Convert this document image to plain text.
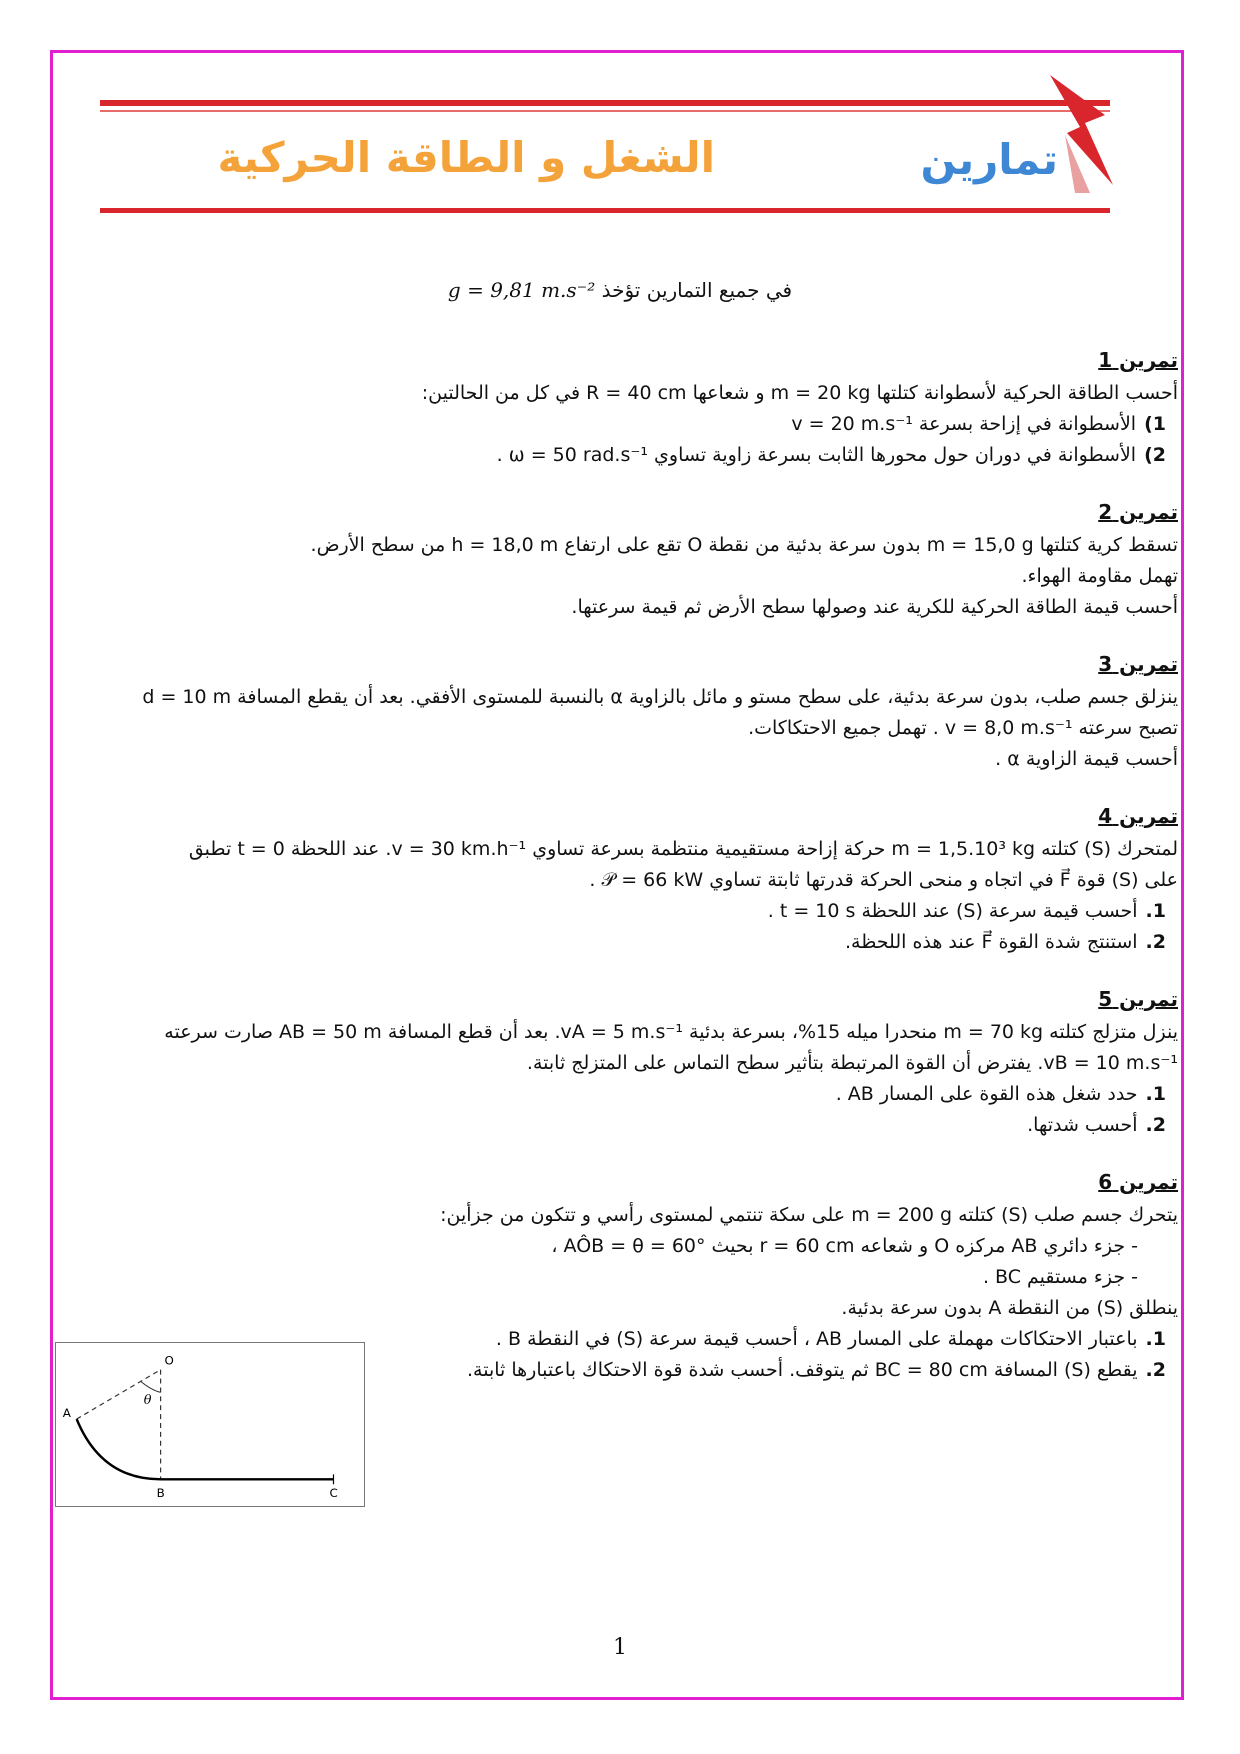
تمارين
الشغل و الطاقة الحركية
في جميع التمارين تؤخذ g = 9,81 m.s⁻²
تمرين 1

أحسب الطاقة الحركية لأسطوانة كتلتها m = 20 kg و شعاعها R = 40 cm في كل من الحالتين:

1)الأسطوانة في إزاحة بسرعة v = 20 m.s⁻¹
2)الأسطوانة في دوران حول محورها الثابت بسرعة زاوية تساوي ω = 50 rad.s⁻¹ .
تمرين 2

تسقط كرية كتلتها m = 15,0 g بدون سرعة بدئية من نقطة O تقع على ارتفاع h = 18,0 m من سطح الأرض.

تهمل مقاومة الهواء.

أحسب قيمة الطاقة الحركية للكرية عند وصولها سطح الأرض ثم قيمة سرعتها.

تمرين 3

ينزلق جسم صلب، بدون سرعة بدئية، على سطح مستو و مائل بالزاوية α بالنسبة للمستوى الأفقي. بعد أن يقطع المسافة d = 10 m

تصبح سرعته v = 8,0 m.s⁻¹ . تهمل جميع الاحتكاكات.

أحسب قيمة الزاوية α .

تمرين 4

لمتحرك (S) كتلته m = 1,5.10³ kg حركة إزاحة مستقيمية منتظمة بسرعة تساوي v = 30 km.h⁻¹. عند اللحظة t = 0 تطبق

على (S) قوة F⃗ في اتجاه و منحى الحركة قدرتها ثابتة تساوي 𝒫 = 66 kW .

1.أحسب قيمة سرعة (S) عند اللحظة t = 10 s .
2.استنتج شدة القوة F⃗ عند هذه اللحظة.
تمرين 5

ينزل متزلج كتلته m = 70 kg منحدرا ميله 15%، بسرعة بدئية vA = 5 m.s⁻¹. بعد أن قطع المسافة AB = 50 m صارت سرعته

vB = 10 m.s⁻¹. يفترض أن القوة المرتبطة بتأثير سطح التماس على المتزلج ثابتة.

1.حدد شغل هذه القوة على المسار AB .
2.أحسب شدتها.
تمرين 6

يتحرك جسم صلب (S) كتلته m = 200 g على سكة تنتمي لمستوى رأسي و تتكون من جزأين:

- جزء دائري AB مركزه O و شعاعه r = 60 cm بحيث AÔB = θ = 60° ،
- جزء مستقيم BC .

ينطلق (S) من النقطة A بدون سرعة بدئية.

1.باعتبار الاحتكاكات مهملة على المسار AB ، أحسب قيمة سرعة (S) في النقطة B .
2.يقطع (S) المسافة BC = 80 cm ثم يتوقف. أحسب شدة قوة الاحتكاك باعتبارها ثابتة.
O
A
B	C
θ
1
